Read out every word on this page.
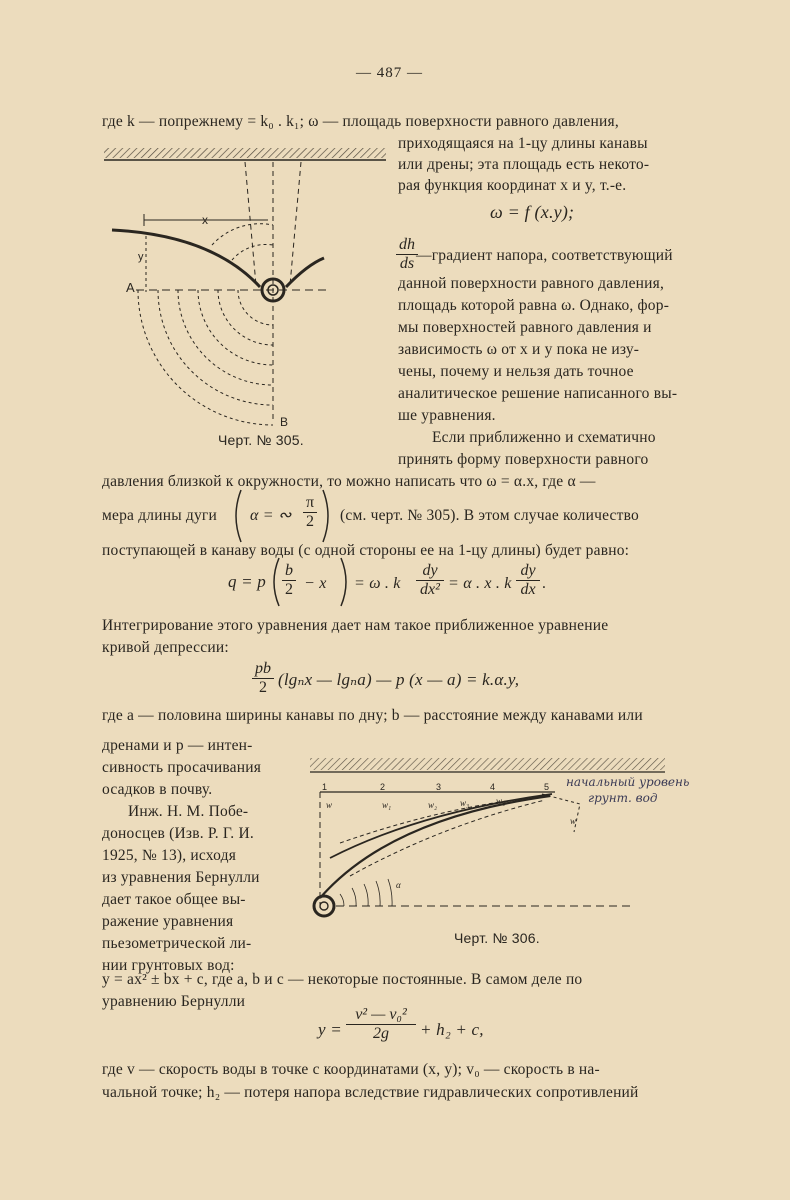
— 487 —
где k — попрежнему = k₀ . k₁; ω — площадь поверхности равного давления,
x
y
A
B
Черт. № 305.
приходящаяся на 1-цу длины канавы
или дрены; эта площадь есть некото-
рая функция координат x и y, т.-е.
ω = f (x.y);
$\frac{dh}{ds}$
—градиент напора, соответствующий
данной поверхности равного давления,
площадь которой равна ω. Однако, фор-
мы поверхностей равного давления и
зависимость ω от x и y пока не изу-
чены, почему и нельзя дать точное
аналитическое решение написанного вы-
ше уравнения.
Если приближенно и схематично
принять форму поверхности равного
давления близкой к окружности, то можно написать что ω = α.x, где α —
мера длины дуги α = ∾ $\frac{\pi}{2} (см$. черт. № 305). В этом случае количество
поступающей в канаву воды (с одной стороны ее на 1-цу длины) будет равно:
q = p $\frac{b}{2} - x = \omega$ . k $\frac{dy}{\text{dx²}} = \alpha$ . x . k $\frac{dy}{dx}$ .
Интегрирование этого уравнения дает нам такое приближенное уравнение
кривой депрессии:
$\frac{pb}{2} (\lg_nx$ — lgₙa) — p (x — a) = k.α.y,
где a — половина ширины канавы по дну; b — расстояние между канавами или
дренами и p — интен-
сивность просачивания
осадков в почву.
Инж. Н. М. Побе-
доносцев (Изв. Р. Г. И.
1925, № 13), исходя
из уравнения Бернулли
дает такое общее вы-
ражение уравнения
пьезометрической ли-
нии грунтовых вод:
1	2	3	4	5
w	w₁	w₂	w₃	w₄
w
α
начальный уровень
грунт. вод
Черт. № 306.
y = ax² ± bx + c, где a, b и c — некоторые постоянные. В самом деле по
уравнению Бернулли
$y = \frac{\text{v² — v₀²}}{2g} + h_2 + c$,
где v — скорость воды в точке с координатами (x, y); v₀ — скорость в на-
чальной точке; h₂ — потеря напора вследствие гидравлических сопротивлений
